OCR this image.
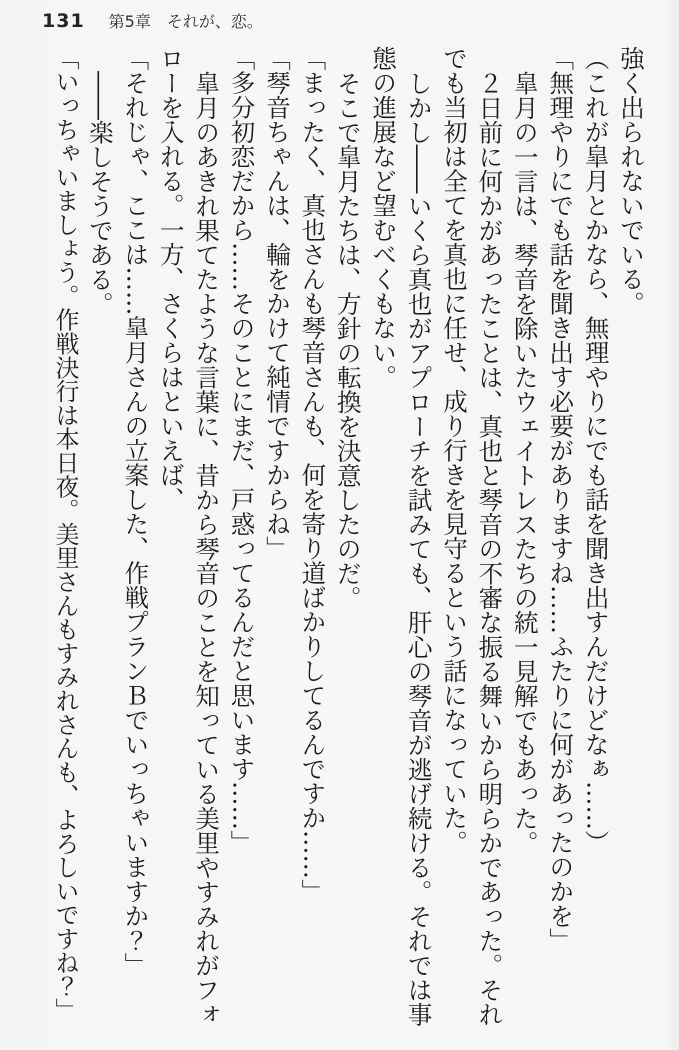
131 第5章　それが、恋。

強く出られないでいる。

（これが皐月とかなら、無理やりにでも話を聞き出すんだけどなぁ……）

「無理やりにでも話を聞き出す必要がありますね……ふたりに何があったのかを」

皐月の一言は、琴音を除いたウェイトレスたちの統一見解でもあった。

２日前に何かがあったことは、真也と琴音の不審な振る舞いから明らかであった。それでも当初は全てを真也に任せ、成り行きを見守るという話になっていた。

しかし――いくら真也がアプローチを試みても、肝心の琴音が逃げ続ける。それでは事態の進展など望むべくもない。

そこで皐月たちは、方針の転換を決意したのだ。

「まったく、真也さんも琴音さんも、何を寄り道ばかりしてるんですか……」

「琴音ちゃんは、輪をかけて純情ですからね」

「多分初恋だから……そのことにまだ、戸惑ってるんだと思います……」

皐月のあきれ果てたような言葉に、昔から琴音のことを知っている美里やすみれがフォローを入れる。一方、さくらはといえば、

「それじゃ、ここは……皐月さんの立案した、作戦プランＢでいっちゃいますか？」

――楽しそうである。

「いっちゃいましょう。作戦決行は本日夜。美里さんもすみれさんも、よろしいですね？」
